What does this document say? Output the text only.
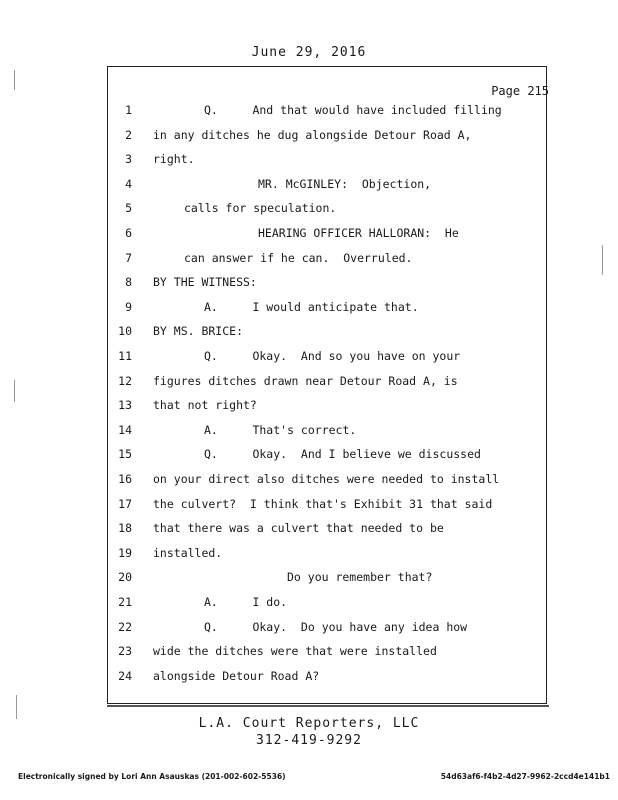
June 29, 2016
Page 215
1	Q.     And that would have included filling
2 in any ditches he dug alongside Detour Road A,
3 right.
4	MR. McGINLEY:  Objection,
5	calls for speculation.
6	HEARING OFFICER HALLORAN:  He
7	can answer if he can.  Overruled.
8 BY THE WITNESS:
9	A.     I would anticipate that.
10 BY MS. BRICE:
11	Q.     Okay.  And so you have on your
12 figures ditches drawn near Detour Road A, is
13 that not right?
14	A.     That's correct.
15	Q.     Okay.  And I believe we discussed
16 on your direct also ditches were needed to install
17 the culvert?  I think that's Exhibit 31 that said
18 that there was a culvert that needed to be
19 installed.
20	Do you remember that?
21	A.     I do.
22	Q.     Okay.  Do you have any idea how
23 wide the ditches were that were installed
24 alongside Detour Road A?
L.A. Court Reporters, LLC
312-419-9292
Electronically signed by Lori Ann Asauskas (201-002-602-5536)	54d63af6-f4b2-4d27-9962-2ccd4e141b1
